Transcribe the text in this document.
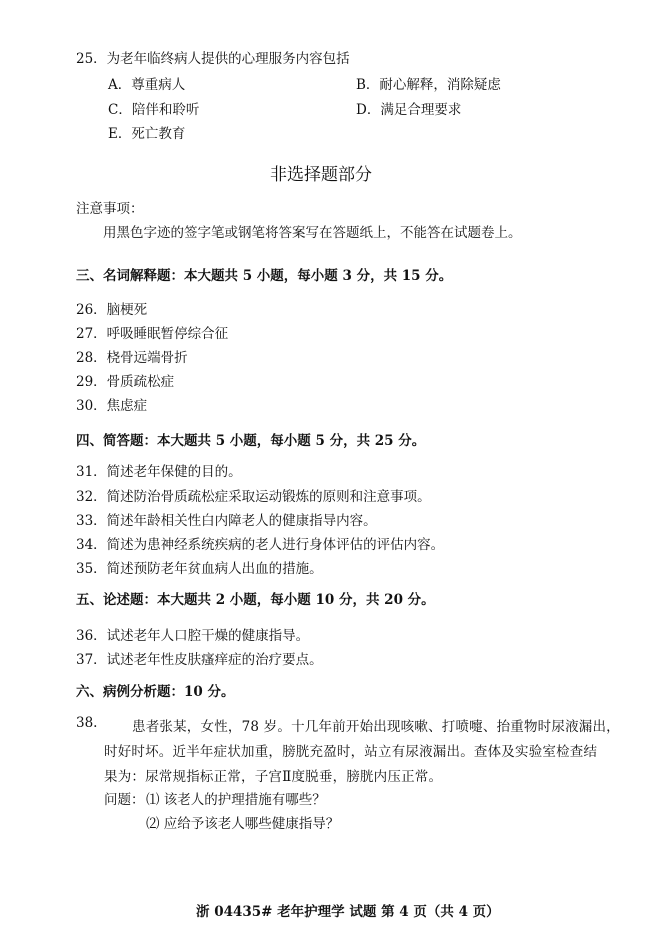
25．为老年临终病人提供的心理服务内容包括
A．尊重病人	B．耐心解释，消除疑虑
C．陪伴和聆听	D．满足合理要求
E．死亡教育
非选择题部分
注意事项：
用黑色字迹的签字笔或钢笔将答案写在答题纸上，不能答在试题卷上。
三、名词解释题：本大题共 5 小题，每小题 3 分，共 15 分。
26．脑梗死
27．呼吸睡眠暂停综合征
28．桡骨远端骨折
29．骨质疏松症
30．焦虑症
四、简答题：本大题共 5 小题，每小题 5 分，共 25 分。
31．简述老年保健的目的。
32．简述防治骨质疏松症采取运动锻炼的原则和注意事项。
33．简述年龄相关性白内障老人的健康指导内容。
34．简述为患神经系统疾病的老人进行身体评估的评估内容。
35．简述预防老年贫血病人出血的措施。
五、论述题：本大题共 2 小题，每小题 10 分，共 20 分。
36．试述老年人口腔干燥的健康指导。
37．试述老年性皮肤瘙痒症的治疗要点。
六、病例分析题：10 分。
38.	患者张某，女性，78 岁。十几年前开始出现咳嗽、打喷嚏、抬重物时尿液漏出，
时好时坏。近半年症状加重，膀胱充盈时，站立有尿液漏出。查体及实验室检查结
果为：尿常规指标正常，子宫Ⅱ度脱垂，膀胱内压正常。
问题： ⑴ 该老人的护理措施有哪些？
⑵ 应给予该老人哪些健康指导？
浙 04435# 老年护理学 试题 第 4 页（共 4 页）
